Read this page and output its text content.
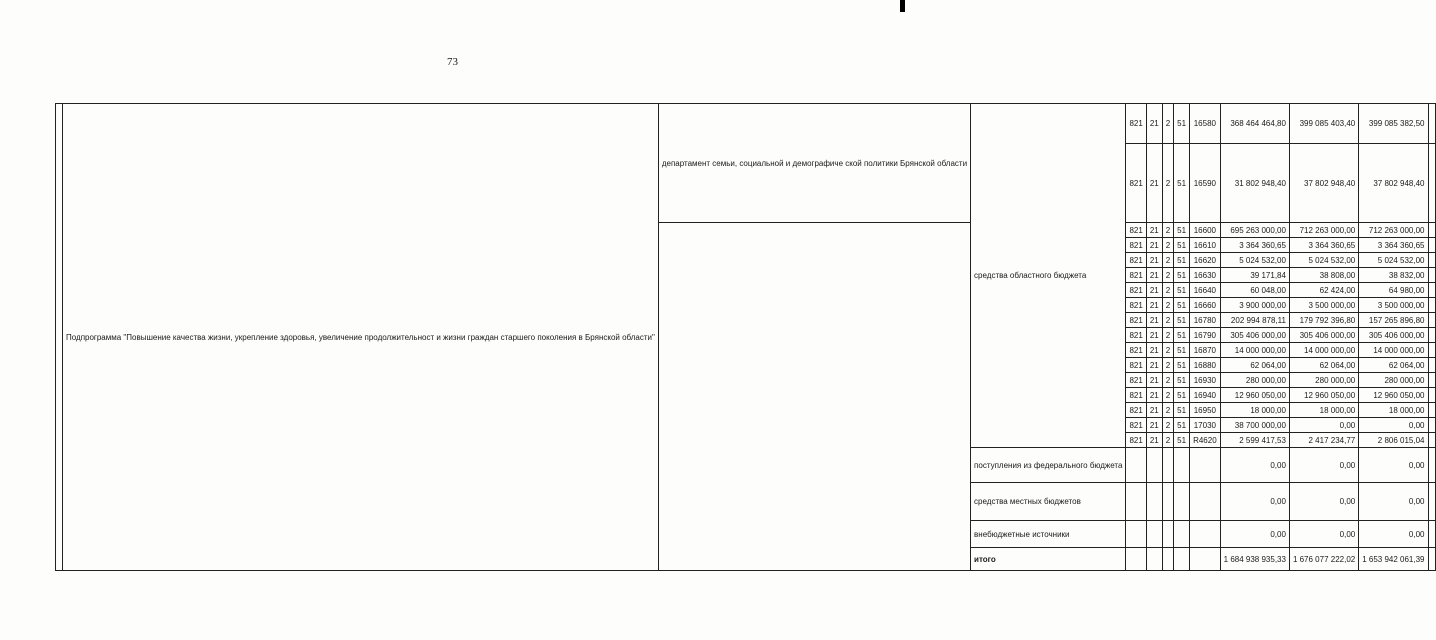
73
	Подпрограмма "Повышение качества жизни, укрепление здоровья, увеличение продолжительност и жизни граждан старшего поколения в Брянской области"	департамент семьи, социальной и демографиче ской политики Брянской области	средства областного бюджета	821	21	2	51	16580	368 464 464,80	399 085 403,40	399 085 382,50	
				821	21	2	51	16590	31 802 948,40	37 802 948,40	37 802 948,40	
				821	21	2	51	16600	695 263 000,00	712 263 000,00	712 263 000,00	
				821	21	2	51	16610	3 364 360,65	3 364 360,65	3 364 360,65	
				821	21	2	51	16620	5 024 532,00	5 024 532,00	5 024 532,00	
				821	21	2	51	16630	39 171,84	38 808,00	38 832,00	
				821	21	2	51	16640	60 048,00	62 424,00	64 980,00	
				821	21	2	51	16660	3 900 000,00	3 500 000,00	3 500 000,00	
				821	21	2	51	16780	202 994 878,11	179 792 396,80	157 265 896,80	
				821	21	2	51	16790	305 406 000,00	305 406 000,00	305 406 000,00	
				821	21	2	51	16870	14 000 000,00	14 000 000,00	14 000 000,00	
				821	21	2	51	16880	62 064,00	62 064,00	62 064,00	
				821	21	2	51	16930	280 000,00	280 000,00	280 000,00	
				821	21	2	51	16940	12 960 050,00	12 960 050,00	12 960 050,00	
				821	21	2	51	16950	18 000,00	18 000,00	18 000,00	
				821	21	2	51	17030	38 700 000,00	0,00	0,00	
				821	21	2	51	R4620	2 599 417,53	2 417 234,77	2 806 015,04	
			поступления из федерального бюджета						0,00	0,00	0,00	
			средства местных бюджетов						0,00	0,00	0,00	
			внебюджетные источники						0,00	0,00	0,00	
			итого						1 684 938 935,33	1 676 077 222,02	1 653 942 061,39	
